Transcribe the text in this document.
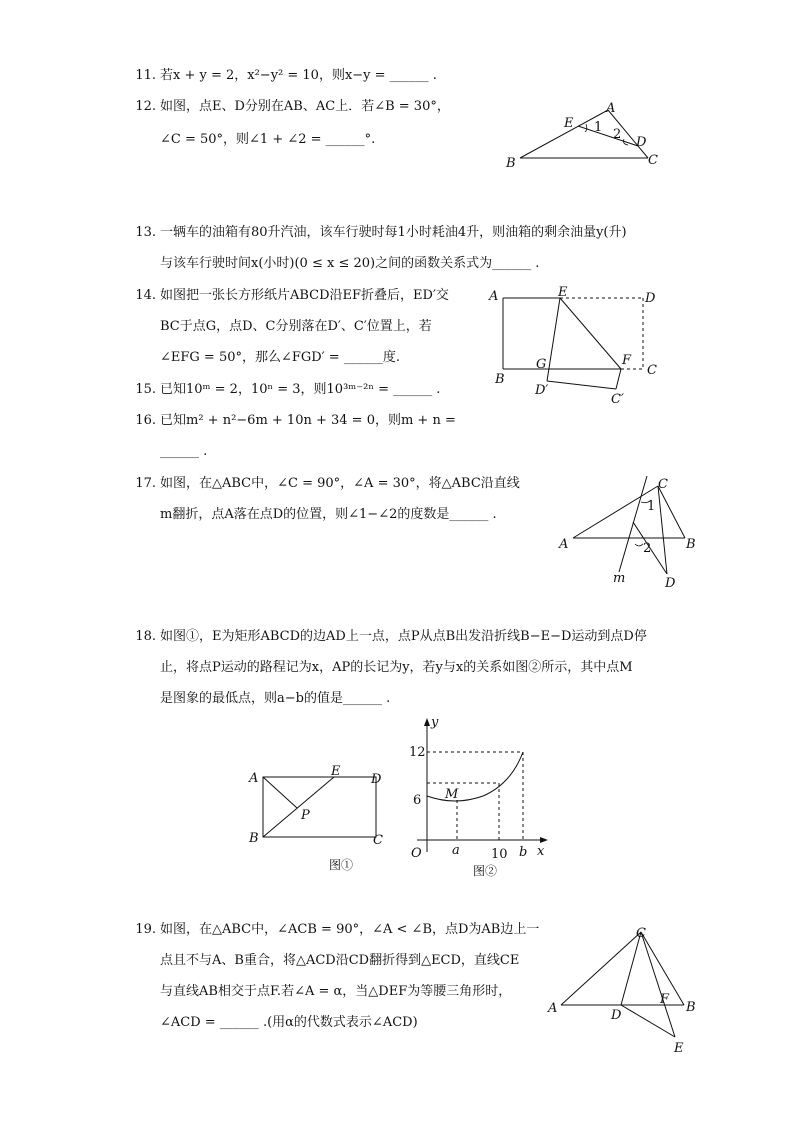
11. 若x + y = 2，x²−y² = 10，则x−y = ______ .
12. 如图，点E、D分别在AB、AC上．若∠B = 30°，
∠C = 50°，则∠1 + ∠2 = ______°.
A
B	C
D
E 1 2
13. 一辆车的油箱有80升汽油，该车行驶时每1小时耗油4升，则油箱的剩余油量y(升)
与该车行驶时间x(小时)(0 ≤ x ≤ 20)之间的函数关系式为______ .
14. 如图把一张长方形纸片ABCD沿EF折叠后，ED′交
BC于点G，点D、C分别落在D′、C′位置上，若
∠EFG = 50°，那么∠FGD′ = ______度.
A	E	D
B
G	F
C
D′
C′
15. 已知10ᵐ = 2，10ⁿ = 3，则10³ᵐ⁻²ⁿ = ______ .
16. 已知m² + n²−6m + 10n + 34 = 0，则m + n =
______ .
17. 如图，在△ABC中，∠C = 90°，∠A = 30°，将△ABC沿直线
m翻折，点A落在点D的位置，则∠1−∠2的度数是______ .
C
1
A	2	B
m	D
18. 如图①，E为矩形ABCD的边AD上一点，点P从点B出发沿折线B−E−D运动到点D停
止，将点P运动的路程记为x，AP的长记为y，若y与x的关系如图②所示，其中点M
是图象的最低点，则a−b的值是______ .
A	E
D
B
P
C
图①
y
12
6 M
O a 10 b x
图②
19. 如图，在△ABC中，∠ACB = 90°，∠A < ∠B，点D为AB边上一
点且不与A、B重合，将△ACD沿CD翻折得到△ECD，直线CE
与直线AB相交于点F.若∠A = α，当△DEF为等腰三角形时，
∠ACD = ______ .(用α的代数式表示∠ACD)
C
A	D
F
B
E
